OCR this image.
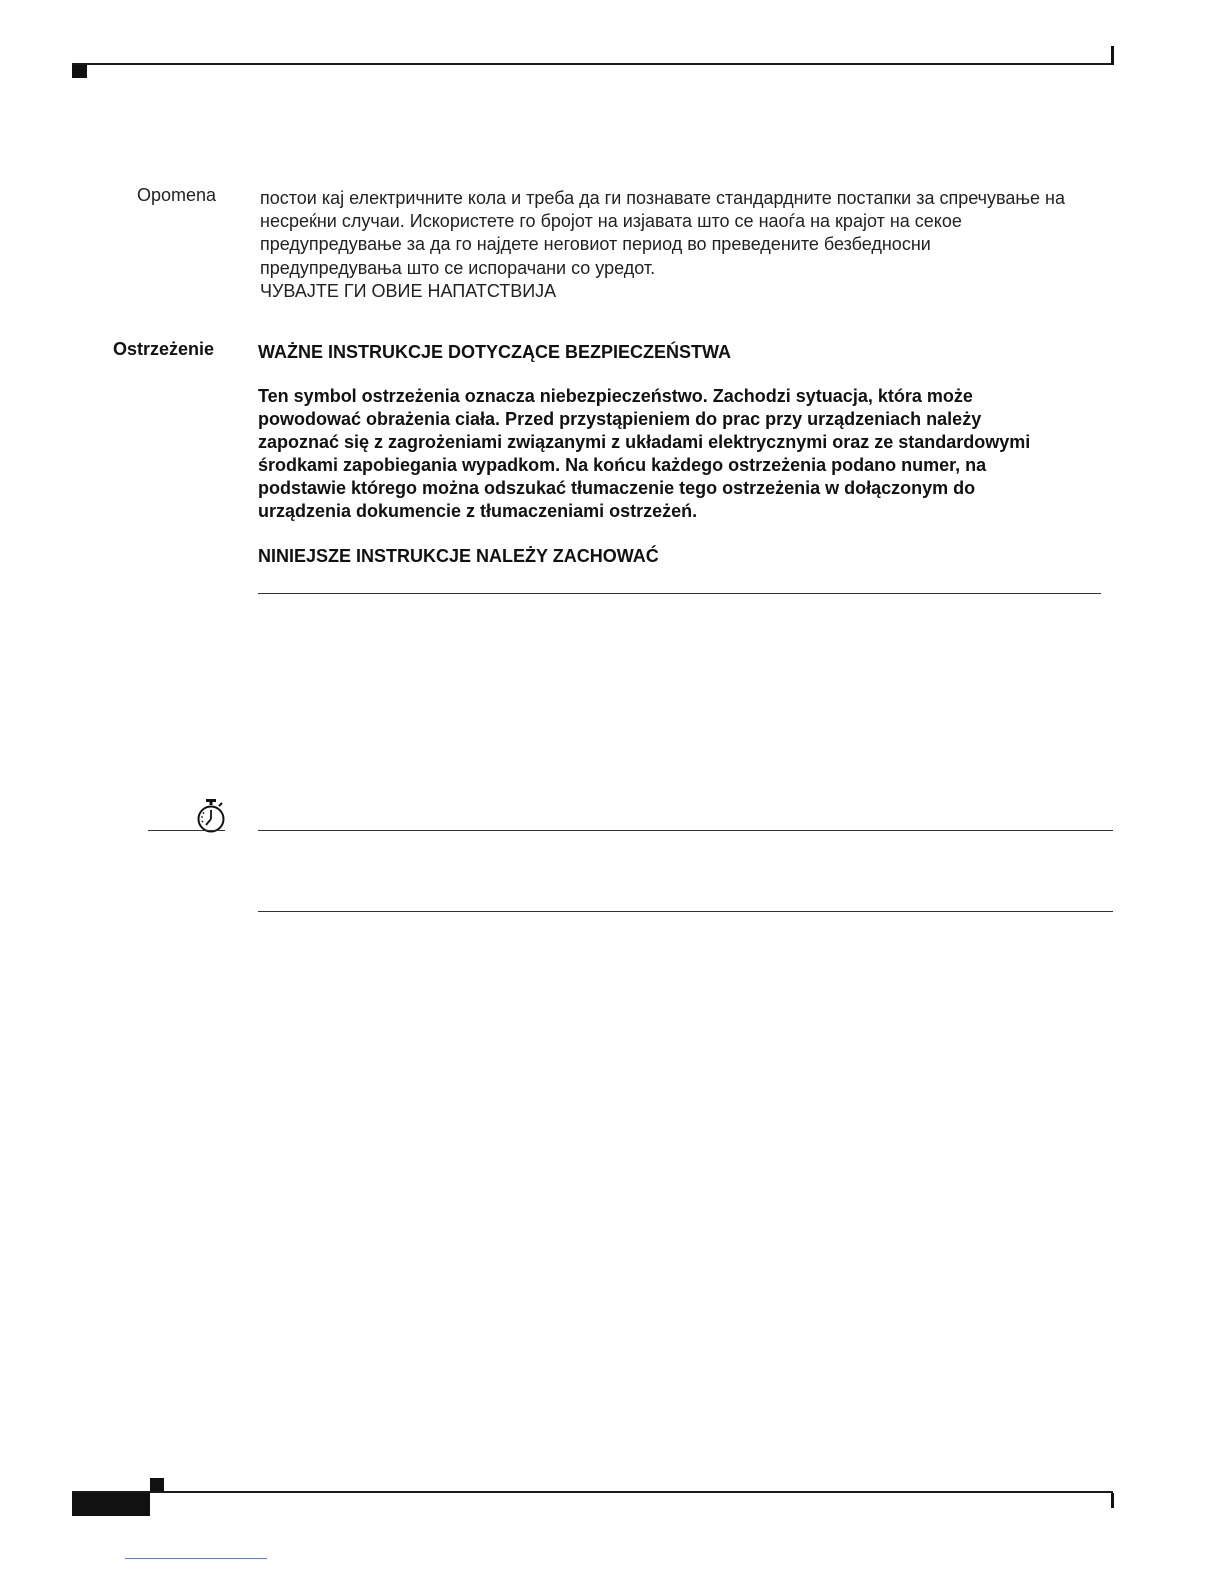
Opomena постои кај електричните кола и треба да ги познавате стандардните постапки за спречување на
несреќни случаи. Искористете го бројот на изјавата што се наоѓа на крајот на секое
предупредување за да го најдете неговиот период во преведените безбедносни
предупредувања што се испорачани со уредот.
ЧУВАЈТЕ ГИ ОВИЕ НАПАТСТВИЈА
Ostrzeżenie WAŻNE INSTRUKCJE DOTYCZĄCE BEZPIECZEŃSTWA
Ten symbol ostrzeżenia oznacza niebezpieczeństwo. Zachodzi sytuacja, która może
powodować obrażenia ciała. Przed przystąpieniem do prac przy urządzeniach należy
zapoznać się z zagrożeniami związanymi z układami elektrycznymi oraz ze standardowymi
środkami zapobiegania wypadkom. Na końcu każdego ostrzeżenia podano numer, na
podstawie którego można odszukać tłumaczenie tego ostrzeżenia w dołączonym do
urządzenia dokumencie z tłumaczeniami ostrzeżeń.
NINIEJSZE INSTRUKCJE NALEŻY ZACHOWAĆ
